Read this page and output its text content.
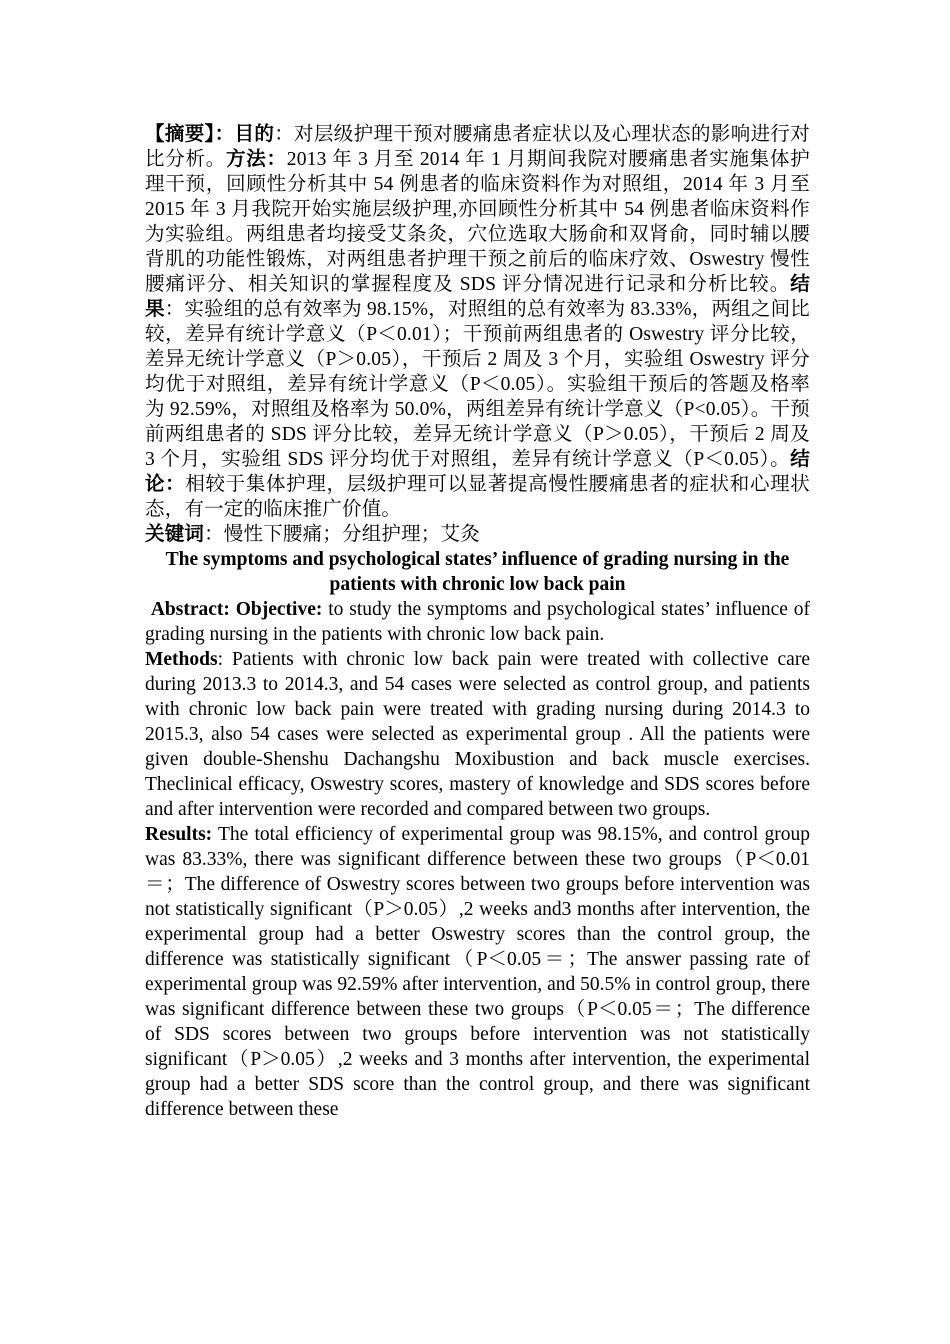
【摘要】：目的：对层级护理干预对腰痛患者症状以及心理状态的影响进行对比分析。方法：2013 年 3 月至 2014 年 1 月期间我院对腰痛患者实施集体护理干预，回顾性分析其中 54 例患者的临床资料作为对照组，2014 年 3 月至 2015 年 3 月我院开始实施层级护理,亦回顾性分析其中 54 例患者临床资料作为实验组。两组患者均接受艾条灸，穴位选取大肠俞和双肾俞，同时辅以腰背肌的功能性锻炼，对两组患者护理干预之前后的临床疗效、Oswestry 慢性腰痛评分、相关知识的掌握程度及 SDS 评分情况进行记录和分析比较。结果：实验组的总有效率为 98.15%，对照组的总有效率为 83.33%，两组之间比较，差异有统计学意义（P＜0.01）；干预前两组患者的 Oswestry 评分比较，差异无统计学意义（P＞0.05），干预后 2 周及 3 个月，实验组 Oswestry 评分均优于对照组，差异有统计学意义（P＜0.05）。实验组干预后的答题及格率为 92.59%，对照组及格率为 50.0%，两组差异有统计学意义（P<0.05）。干预前两组患者的 SDS 评分比较，差异无统计学意义（P＞0.05），干预后 2 周及 3 个月，实验组 SDS 评分均优于对照组，差异有统计学意义（P＜0.05）。结论：相较于集体护理，层级护理可以显著提高慢性腰痛患者的症状和心理状态，有一定的临床推广价值。

关键词：慢性下腰痛；分组护理；艾灸

The symptoms and psychological states’ influence of grading nursing in the patients with chronic low back pain

Abstract: Objective: to study the symptoms and psychological states’ influence of grading nursing in the patients with chronic low back pain.
Methods: Patients with chronic low back pain were treated with collective care during 2013.3 to 2014.3, and 54 cases were selected as control group, and patients with chronic low back pain were treated with grading nursing during 2014.3 to 2015.3, also 54 cases were selected as experimental group . All the patients were given double-Shenshu Dachangshu Moxibustion and back muscle exercises. Theclinical efficacy, Oswestry scores, mastery of knowledge and SDS scores before and after intervention were recorded and compared between two groups.
Results: The total efficiency of experimental group was 98.15%, and control group was 83.33%, there was significant difference between these two groups（P＜0.01＝；The difference of Oswestry scores between two groups before intervention was not statistically significant（P＞0.05）,2 weeks and3 months after intervention, the experimental group had a better Oswestry scores than the control group, the difference was statistically significant（P＜0.05＝；The answer passing rate of experimental group was 92.59% after intervention, and 50.5% in control group, there was significant difference between these two groups（P＜0.05＝；The difference of SDS scores between two groups before intervention was not statistically significant（P＞0.05）,2 weeks and 3 months after intervention, the experimental group had a better SDS score than the control group, and there was significant difference between these
